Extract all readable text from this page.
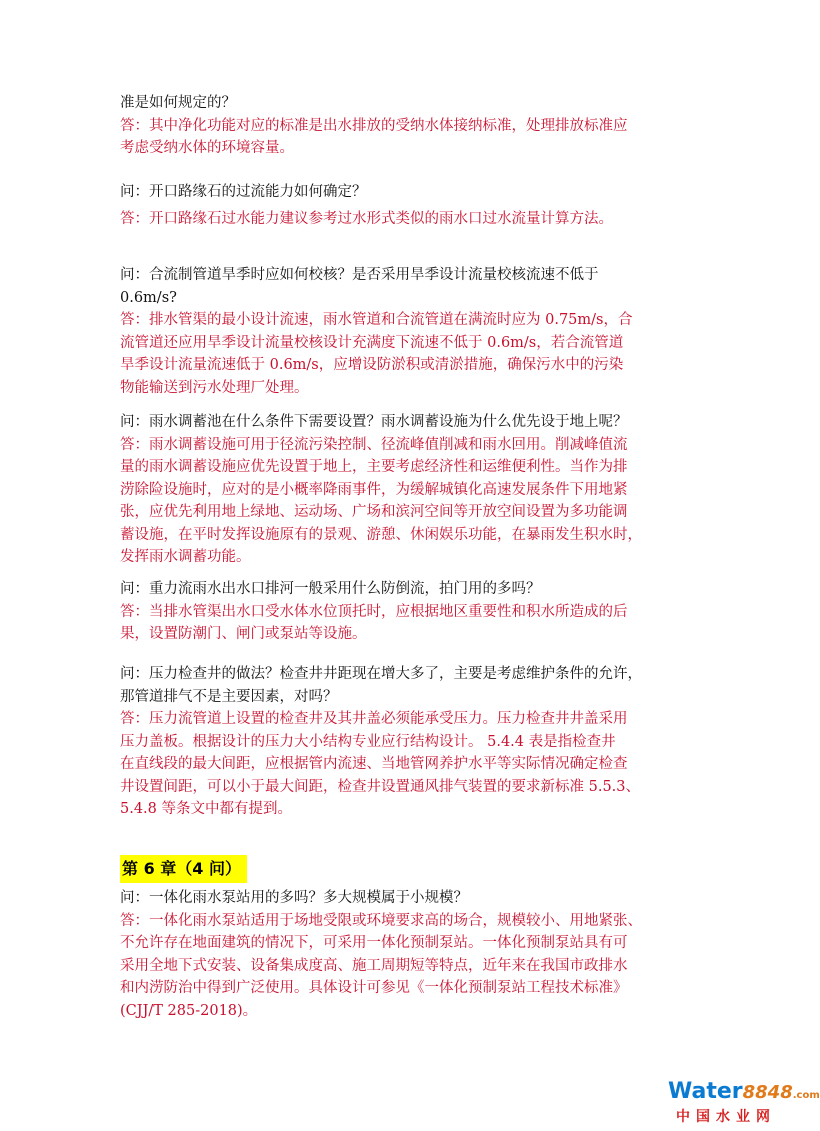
准是如何规定的？
答：其中净化功能对应的标准是出水排放的受纳水体接纳标准，处理排放标准应
考虑受纳水体的环境容量。
问：开口路缘石的过流能力如何确定？
答：开口路缘石过水能力建议参考过水形式类似的雨水口过水流量计算方法。
问：合流制管道旱季时应如何校核？是否采用旱季设计流量校核流速不低于
0.6m/s?
答：排水管渠的最小设计流速，雨水管道和合流管道在满流时应为 0.75m/s，合
流管道还应用旱季设计流量校核设计充满度下流速不低于 0.6m/s，若合流管道
旱季设计流量流速低于 0.6m/s，应增设防淤积或清淤措施，确保污水中的污染
物能输送到污水处理厂处理。
问：雨水调蓄池在什么条件下需要设置？雨水调蓄设施为什么优先设于地上呢？
答：雨水调蓄设施可用于径流污染控制、径流峰值削减和雨水回用。削减峰值流
量的雨水调蓄设施应优先设置于地上，主要考虑经济性和运维便利性。当作为排
涝除险设施时，应对的是小概率降雨事件，为缓解城镇化高速发展条件下用地紧
张，应优先利用地上绿地、运动场、广场和滨河空间等开放空间设置为多功能调
蓄设施，在平时发挥设施原有的景观、游憩、休闲娱乐功能，在暴雨发生积水时，
发挥雨水调蓄功能。
问：重力流雨水出水口排河一般采用什么防倒流，拍门用的多吗？
答：当排水管渠出水口受水体水位顶托时，应根据地区重要性和积水所造成的后
果，设置防潮门、闸门或泵站等设施。
问：压力检查井的做法？检查井井距现在增大多了，主要是考虑维护条件的允许，
那管道排气不是主要因素，对吗？
答：压力流管道上设置的检查井及其井盖必须能承受压力。压力检查井井盖采用
压力盖板。根据设计的压力大小结构专业应行结构设计。 5.4.4 表是指检查井
在直线段的最大间距，应根据管内流速、当地管网养护水平等实际情况确定检查
井设置间距，可以小于最大间距，检查井设置通风排气装置的要求新标准 5.5.3、
5.4.8 等条文中都有提到。
第 6 章（4 问）
问：一体化雨水泵站用的多吗？多大规模属于小规模？
答：一体化雨水泵站适用于场地受限或环境要求高的场合，规模较小、用地紧张、
不允许存在地面建筑的情况下，可采用一体化预制泵站。一体化预制泵站具有可
采用全地下式安装、设备集成度高、施工周期短等特点，近年来在我国市政排水
和内涝防治中得到广泛使用。具体设计可参见《一体化预制泵站工程技术标准》
(CJJ/T 285-2018)。
Water8848.com
中国水业网
